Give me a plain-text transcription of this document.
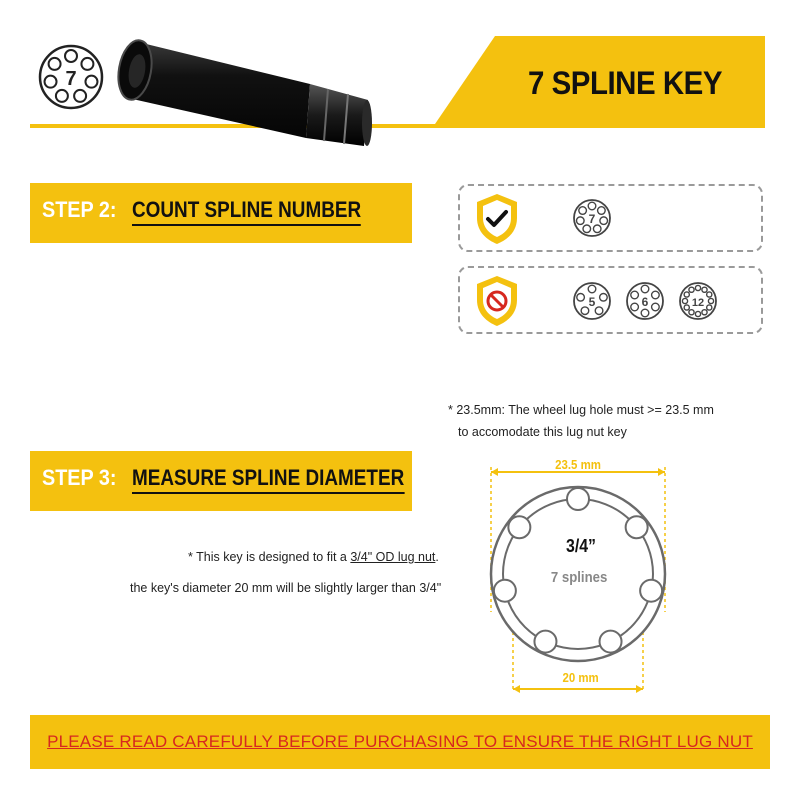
7 SPLINE KEY
7
STEP 2: COUNT SPLINE NUMBER	7
5	6	12
* 23.5mm: The wheel lug hole must >= 23.5 mm
to accomodate this lug nut key
STEP 3: MEASURE SPLINE DIAMETER
* This key is designed to fit a 3/4" OD lug nut.
the key's diameter 20 mm will be slightly larger than 3/4"
23.5 mm
3/4”
7 splines
20 mm
PLEASE READ CAREFULLY BEFORE PURCHASING TO ENSURE THE RIGHT LUG NUT
